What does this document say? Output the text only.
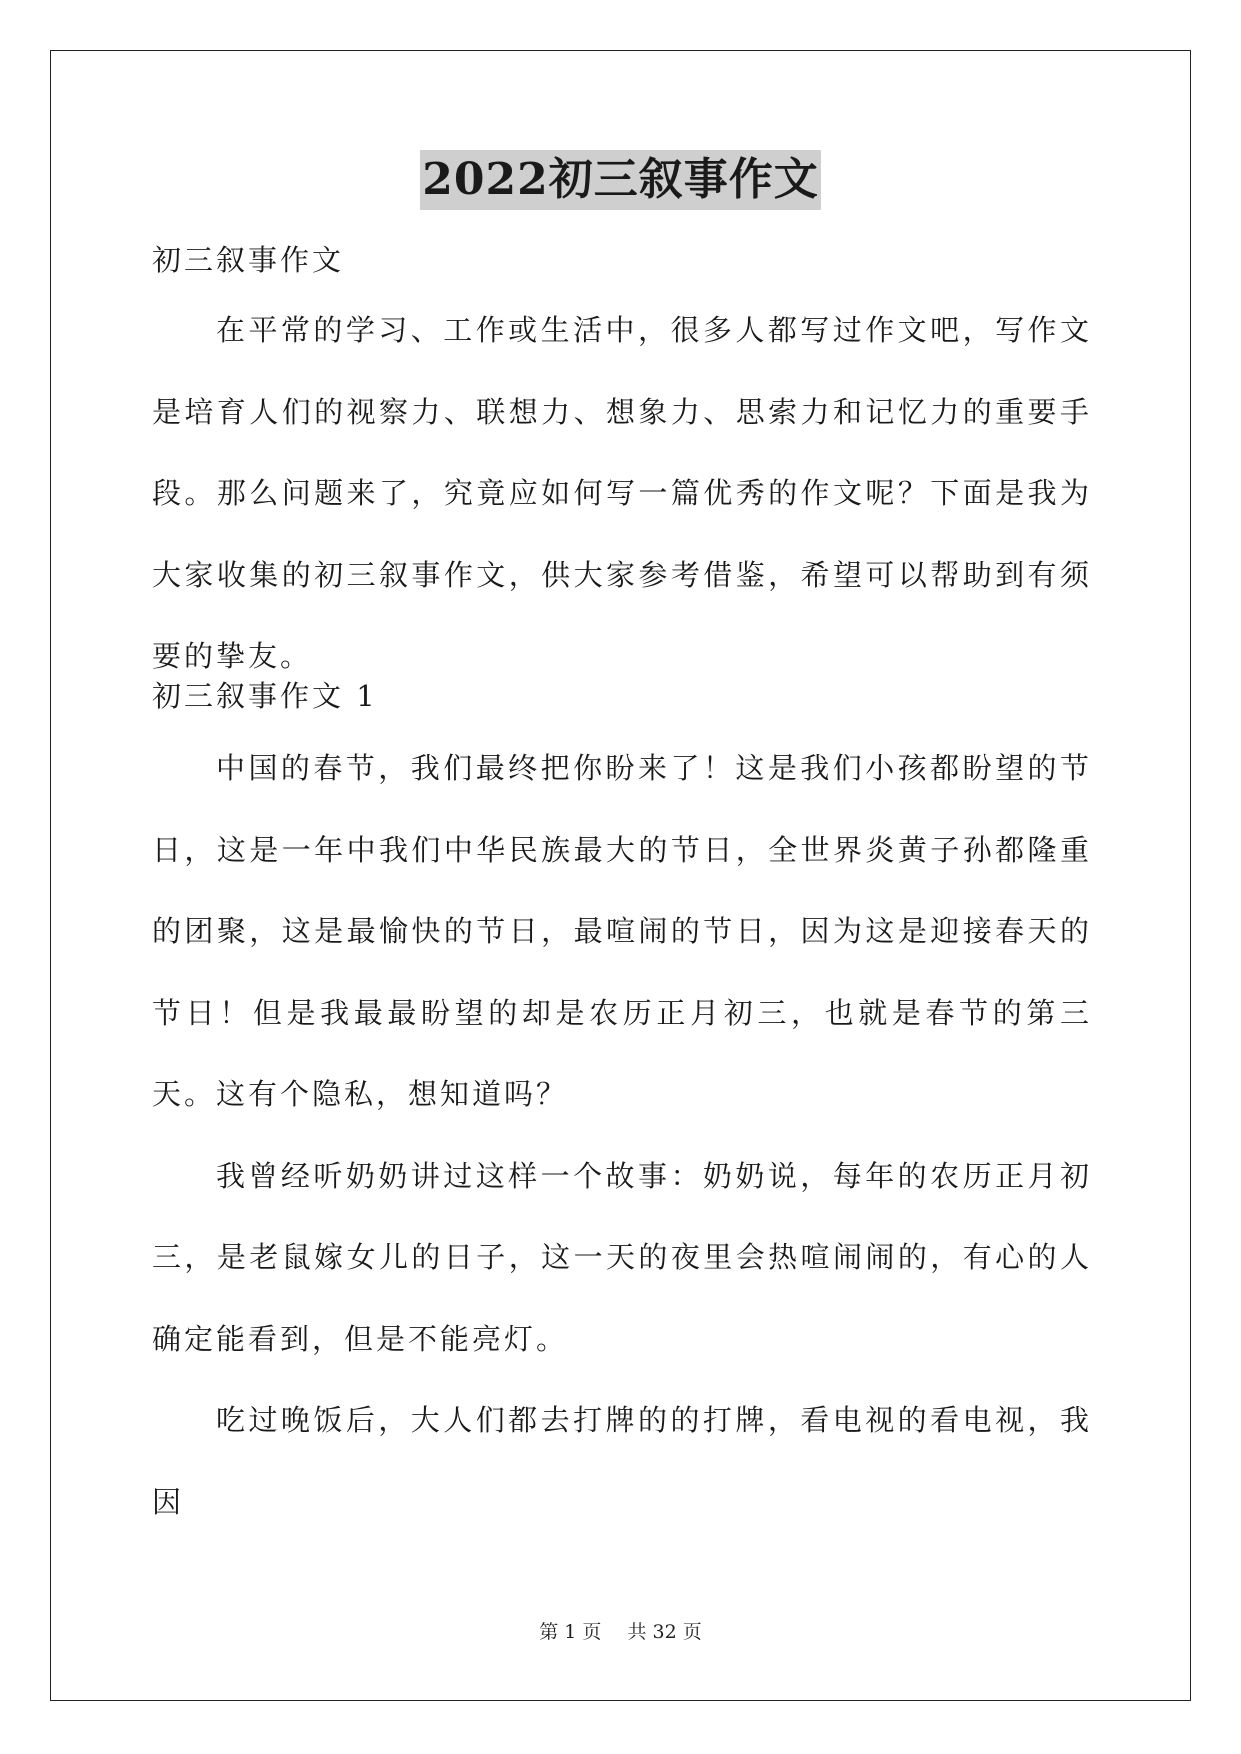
2022初三叙事作文
初三叙事作文

在平常的学习、工作或生活中，很多人都写过作文吧，写作文是培育人们的视察力、联想力、想象力、思索力和记忆力的重要手段。那么问题来了，究竟应如何写一篇优秀的作文呢？下面是我为大家收集的初三叙事作文，供大家参考借鉴，希望可以帮助到有须要的挚友。

初三叙事作文 1

中国的春节，我们最终把你盼来了！这是我们小孩都盼望的节日，这是一年中我们中华民族最大的节日，全世界炎黄子孙都隆重的团聚，这是最愉快的节日，最喧闹的节日，因为这是迎接春天的节日！但是我最最盼望的却是农历正月初三，也就是春节的第三天。这有个隐私，想知道吗？

我曾经听奶奶讲过这样一个故事：奶奶说，每年的农历正月初三，是老鼠嫁女儿的日子，这一天的夜里会热喧闹闹的，有心的人确定能看到，但是不能亮灯。

吃过晚饭后，大人们都去打牌的的打牌，看电视的看电视，我因

第 1 页 共 32 页
